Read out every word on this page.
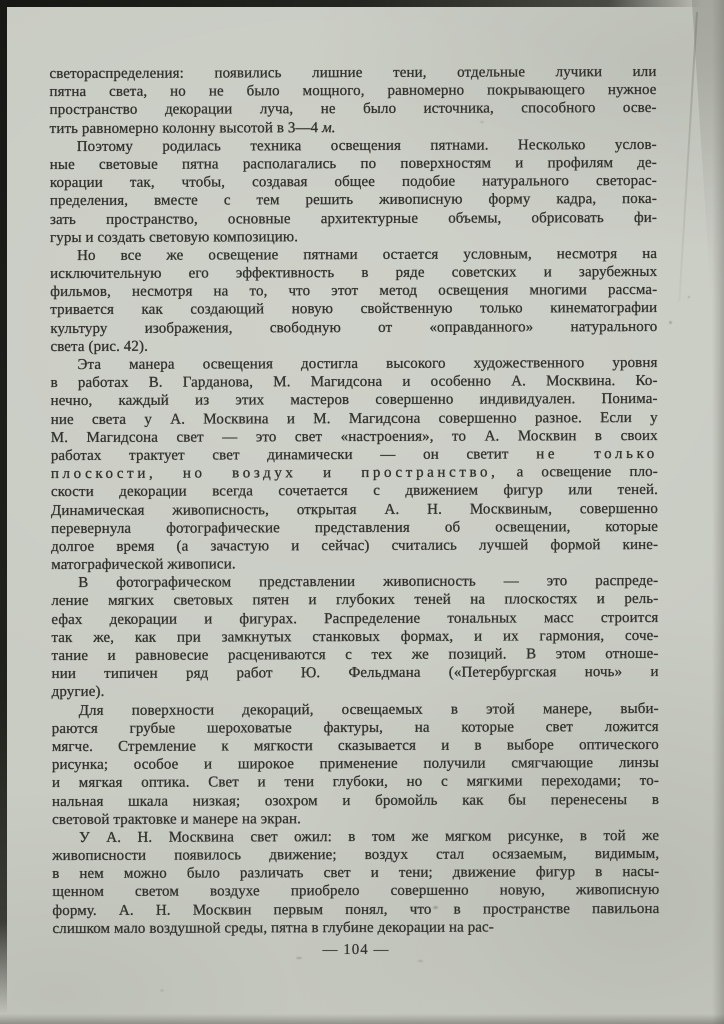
светораспределения: появились лишние тени, отдельные лучики или
пятна света, но не было мощного, равномерно покрывающего нужное
пространство декорации луча, не было источника, способного осве-
тить равномерно колонну высотой в 3—4 м.
Поэтому родилась техника освещения пятнами. Несколько услов-
ные световые пятна располагались по поверхностям и профилям де-
корации так, чтобы, создавая общее подобие натурального светорас-
пределения, вместе с тем решить живописную форму кадра, пока-
зать пространство, основные архитектурные объемы, обрисовать фи-
гуры и создать световую композицию.
Но все же освещение пятнами остается условным, несмотря на
исключительную его эффективность в ряде советских и зарубежных
фильмов, несмотря на то, что этот метод освещения многими рассма-
тривается как создающий новую свойственную только кинематографии
культуру изображения, свободную от «оправданного» натурального
света (рис. 42).
Эта манера освещения достигла высокого художественного уровня
в работах В. Гарданова, М. Магидсона и особенно А. Москвина. Ко-
нечно, каждый из этих мастеров совершенно индивидуален. Понима-
ние света у А. Москвина и М. Магидсона совершенно разное. Если у
М. Магидсона свет — это свет «настроения», то А. Москвин в своих
работах трактует свет динамически — он светит не только
плоскости, но воздух и пространство, а освещение пло-
скости декорации всегда сочетается с движением фигур или теней.
Динамическая живописность, открытая А. Н. Москвиным, совершенно
перевернула фотографические представления об освещении, которые
долгое время (а зачастую и сейчас) считались лучшей формой кине-
матографической живописи.
В фотографическом представлении живописность — это распреде-
ление мягких световых пятен и глубоких теней на плоскостях и рель-
ефах декорации и фигурах. Распределение тональных масс строится
так же, как при замкнутых станковых формах, и их гармония, соче-
тание и равновесие расцениваются с тех же позиций. В этом отноше-
нии типичен ряд работ Ю. Фельдмана («Петербургская ночь» и
другие).
Для поверхности декораций, освещаемых в этой манере, выби-
раются грубые шероховатые фактуры, на которые свет ложится
мягче. Стремление к мягкости сказывается и в выборе оптического
рисунка; особое и широкое применение получили смягчающие линзы
и мягкая оптика. Свет и тени глубоки, но с мягкими переходами; то-
нальная шкала низкая; озохром и бромойль как бы перенесены в
световой трактовке и манере на экран.
У А. Н. Москвина свет ожил: в том же мягком рисунке, в той же
живописности появилось движение; воздух стал осязаемым, видимым,
в нем можно было различать свет и тени; движение фигур в насы-
щенном светом воздухе приобрело совершенно новую, живописную
форму. А. Н. Москвин первым понял, что в пространстве павильона
слишком мало воздушной среды, пятна в глубине декорации на рас-
— 104 —
